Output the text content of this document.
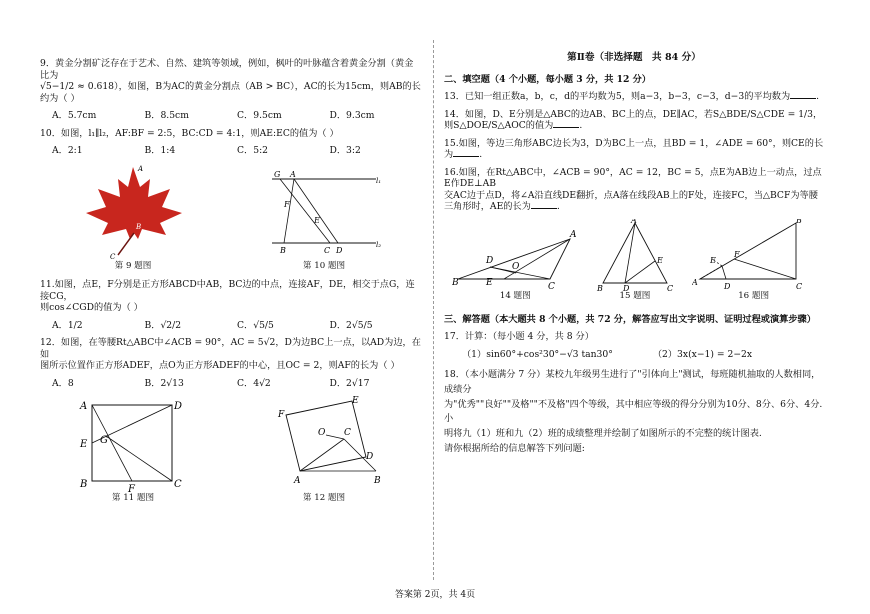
9．黄金分割矿泛存在于艺术、自然、建筑等领域，例如，枫叶的叶脉蕴含着黄金分割（黄金比为
√5−1/2 ≈ 0.618），如图，B为AC的黄金分割点（AB > BC），AC的长为15cm，则AB的长约为（ ）
A．5.7cm	B．8.5cm	C．9.5cm	D．9.3cm
10．如图，l₁∥l₂，AF:BF = 2:5，BC:CD = 4:1，则AE:EC的值为（ ）
A．2:1	B．1:4	C．5:2	D．3:2
A
B
C
第 9 题图
G A
F
E
B	C D
l₁
l₂
第 10 题图
11.如图，点E，F分别是正方形ABCD中AB，BC边的中点，连接AF，DE，相交于点G，连接CG，
则cos∠CGD的值为（ ）
A．1/2	B．√2/2	C．√5/5	D．2√5/5
12．如图，在等腰Rt△ABC中∠ACB = 90°，AC = 5√2，D为边BC上一点，以AD为边，在如
图所示位置作正方形ADEF，点O为正方形ADEF的中心，且OC = 2，则AF的长为（ ）
A．8	B．2√13	C．4√2	D．2√17
A	D
E G
B	C
F
第 11 题图
F
E
O C
D
A	B
第 12 题图
第Ⅱ卷（非选择题　共 84 分）
二、填空题（4 个小题，每小题 3 分，共 12 分）
13．已知一组正数a，b，c，d的平均数为5，则a−3，b−3，c−3，d−3的平均数为	.
14．如图，D、E分别是△ABC的边AB、BC上的点，DE∥AC，若S△BDE/S△CDE = 1/3，则S△DOE/S△AOC的值为	.
15.如图，等边三角形ABC边长为3，D为BC上一点，且BD = 1，∠ADE = 60°，则CE的长为	.
16.如图，在Rt△ABC中，∠ACB = 90°，AC = 12，BC = 5，点E为AB边上一动点，过点E作DE⊥AB
交AC边于点D，将∠A沿直线DE翻折，点A落在线段AB上的F处，连接FC，当△BCF为等腰
三角形时，AE的长为	.
B
A
C
D
E
O
14 题图
A
B	D	C
E
15 题图
A
B
C
D
E
F
16 题图
三、解答题（本大题共 8 个小题，共 72 分，解答应写出文字说明、证明过程或演算步骤）
17．计算：（每小题 4 分，共 8 分）
（1）sin60°+cos²30°−√3 tan30°	（2）3x(x−1) = 2−2x
18．（本小题满分 7 分）某校九年级男生进行了"引体向上"测试，每班随机抽取的人数相同，成绩分
为"优秀""良好""及格""不及格"四个等级，其中相应等级的得分分别为10分、8分、6分、4分. 小
明将九（1）班和九（2）班的成绩整理并绘制了如图所示的不完整的统计图表.
请你根据所给的信息解答下列问题:
答案第 2页，共 4页
